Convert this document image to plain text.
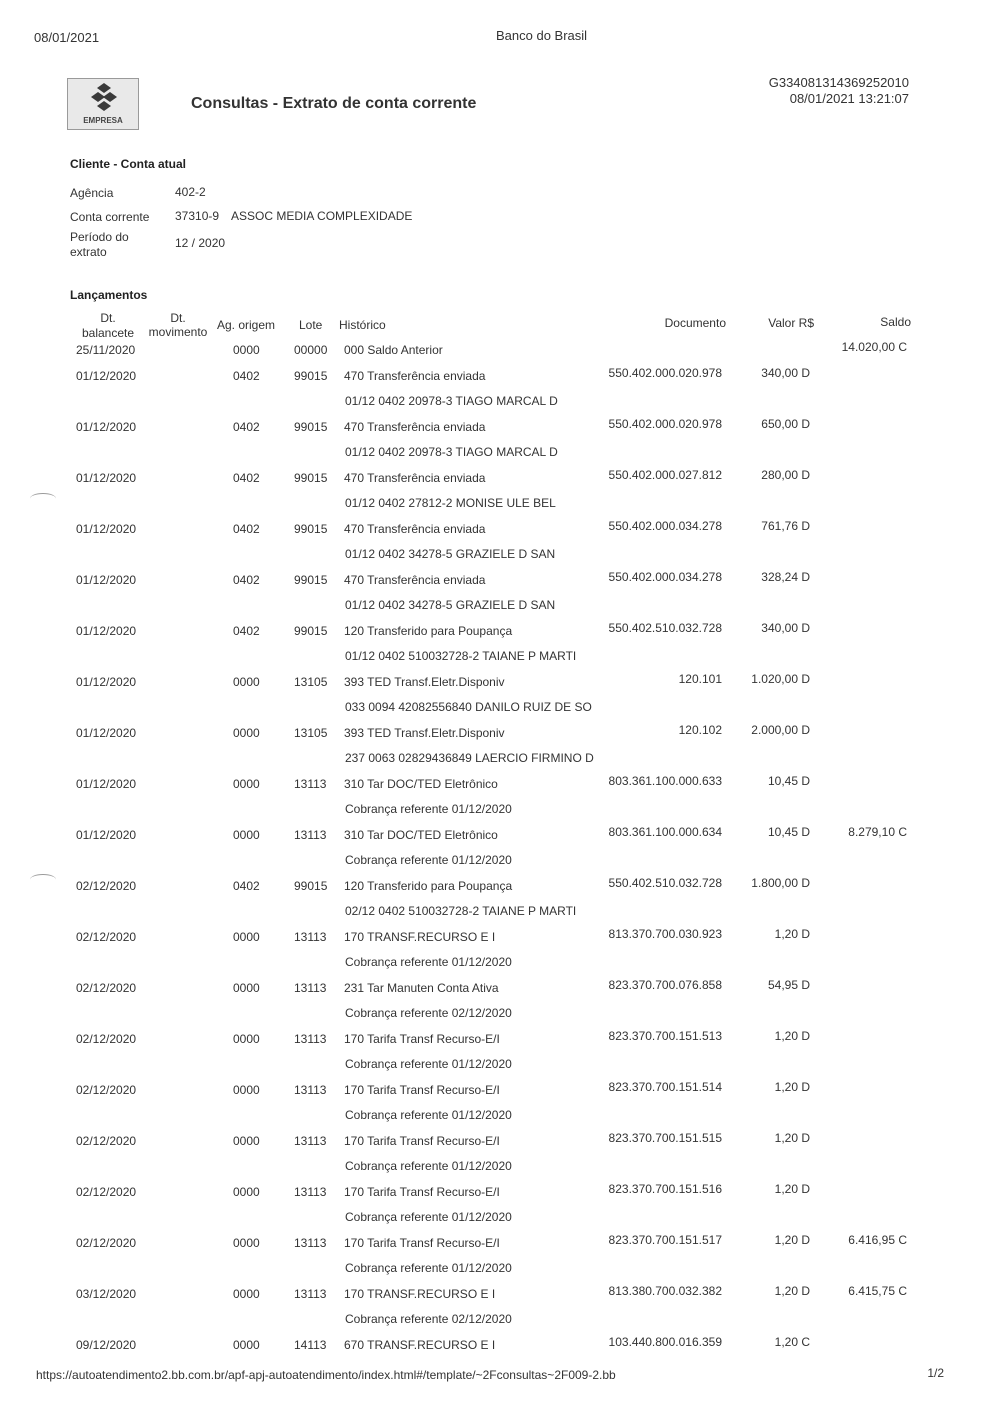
08/01/2021	Banco do Brasil
EMPRESA
Consultas - Extrato de conta corrente
G334081314369252010
08/01/2021 13:21:07
Cliente - Conta atual
Agência	402-2
Conta corrente 37310-9 ASSOC MEDIA COMPLEXIDADE
Período do
extrato
12 / 2020
Lançamentos
Dt.
balancete
Dt.
movimento Ag. origem Lote Histórico	Documento	Valor R$	Saldo
25/11/2020	0000	00000 000 Saldo Anterior	14.020,00 C
01/12/2020	0402	99015 470 Transferência enviada	550.402.000.020.978	340,00 D
01/12 0402 20978-3 TIAGO MARCAL D
01/12/2020	0402	99015 470 Transferência enviada	550.402.000.020.978	650,00 D
01/12 0402 20978-3 TIAGO MARCAL D
01/12/2020	0402	99015 470 Transferência enviada	550.402.000.027.812	280,00 D
01/12 0402 27812-2 MONISE ULE BEL
01/12/2020	0402	99015 470 Transferência enviada	550.402.000.034.278	761,76 D
01/12 0402 34278-5 GRAZIELE D SAN
01/12/2020	0402	99015 470 Transferência enviada	550.402.000.034.278	328,24 D
01/12 0402 34278-5 GRAZIELE D SAN
01/12/2020	0402	99015 120 Transferido para Poupança	550.402.510.032.728	340,00 D
01/12 0402 510032728-2 TAIANE P MARTI
01/12/2020	0000	13105 393 TED Transf.Eletr.Disponiv	120.101 1.020,00 D
033 0094 42082556840 DANILO RUIZ DE SO
01/12/2020	0000	13105 393 TED Transf.Eletr.Disponiv	120.102 2.000,00 D
237 0063 02829436849 LAERCIO FIRMINO D
01/12/2020	0000	13113 310 Tar DOC/TED Eletrônico	803.361.100.000.633	10,45 D
Cobrança referente 01/12/2020
01/12/2020	0000	13113 310 Tar DOC/TED Eletrônico	803.361.100.000.634	10,45 D	8.279,10 C
Cobrança referente 01/12/2020
02/12/2020	0402	99015 120 Transferido para Poupança	550.402.510.032.728 1.800,00 D
02/12 0402 510032728-2 TAIANE P MARTI
02/12/2020	0000	13113 170 TRANSF.RECURSO E I	813.370.700.030.923	1,20 D
Cobrança referente 01/12/2020
02/12/2020	0000	13113 231 Tar Manuten Conta Ativa	823.370.700.076.858	54,95 D
Cobrança referente 02/12/2020
02/12/2020	0000	13113 170 Tarifa Transf Recurso-E/I	823.370.700.151.513	1,20 D
Cobrança referente 01/12/2020
02/12/2020	0000	13113 170 Tarifa Transf Recurso-E/I	823.370.700.151.514	1,20 D
Cobrança referente 01/12/2020
02/12/2020	0000	13113 170 Tarifa Transf Recurso-E/I	823.370.700.151.515	1,20 D
Cobrança referente 01/12/2020
02/12/2020	0000	13113 170 Tarifa Transf Recurso-E/I	823.370.700.151.516	1,20 D
Cobrança referente 01/12/2020
02/12/2020	0000	13113 170 Tarifa Transf Recurso-E/I	823.370.700.151.517	1,20 D	6.416,95 C
Cobrança referente 01/12/2020
03/12/2020	0000	13113 170 TRANSF.RECURSO E I	813.380.700.032.382	1,20 D	6.415,75 C
Cobrança referente 02/12/2020
09/12/2020	0000	14113 670 TRANSF.RECURSO E I	103.440.800.016.359	1,20 C
https://autoatendimento2.bb.com.br/apf-apj-autoatendimento/index.html#/template/~2Fconsultas~2F009-2.bb	1/2
